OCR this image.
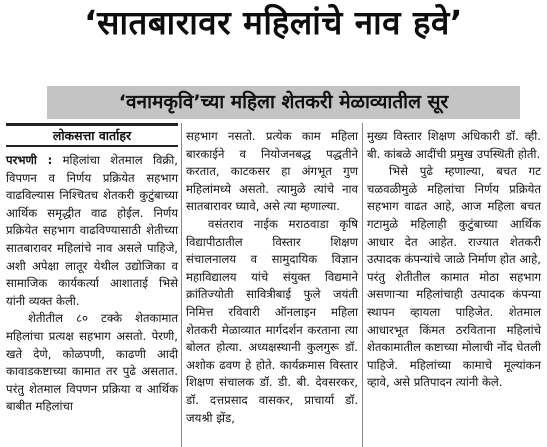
‘सातबारावर महिलांचे नाव हवे’
‘वनामकृवि’च्या महिला शेतकरी मेळाव्यातील सूर
लोकसत्ता वार्ताहर

परभणी : महिलांचा शेतमाल विक्री, विपणन व निर्णय प्रक्रियेत सहभाग वाढविल्यास निश्चितच शेतकरी कुटुंबाच्या आर्थिक समृद्धीत वाढ होईल. निर्णय प्रक्रियेत सहभाग वाढविण्यासाठी शेतीच्या सातबारावर महिलांचे नाव असले पाहिजे, अशी अपेक्षा लातूर येथील उद्योजिका व सामाजिक कार्यकर्त्या आशाताई भिसे यांनी व्यक्त केली.

शेतीतील ८० टक्के शेतकामात महिलांचा प्रत्यक्ष सहभाग असतो. पेरणी, खते देणे, कोळपणी, काढणी आदी कावाडकष्टाच्या कामात तर पुढे असतात. परंतु शेतमाल विपणन प्रक्रिया व आर्थिक बाबीत महिलांचा

सहभाग नसतो. प्रत्येक काम महिला बारकाईने व नियोजनबद्ध पद्धतीने करतात, काटकसर हा अंगभूत गुण महिलांमध्ये असतो. त्यामुळे त्यांचे नाव सातबारावर घ्यावे, असे त्या म्हणाल्या.

वसंतराव नाईक मराठवाडा कृषि विद्यापीठातील विस्तार शिक्षण संचालनालय व सामुदायिक विज्ञान महाविद्यालय यांचे संयुक्त विद्यमाने क्रांतिज्योती सावित्रीबाई फुले जयंती निमित्त रविवारी ऑनलाइन महिला शेतकरी मेळाव्यात मार्गदर्शन करताना त्या बोलत होत्या. अध्यक्षस्थानी कुलगुरू डॉ. अशोक ढवण हे होते. कार्यक्रमास विस्तार शिक्षण संचालक डॉ. डी. बी. देवसरकर, डॉ. दत्तप्रसाद वासकर, प्राचार्या डॉ. जयश्री झेंड,

मुख्य विस्तार शिक्षण अधिकारी डॉ. व्ही. बी. कांबळे आदींची प्रमुख उपस्थिती होती.

भिसे पुढे म्हणाल्या, बचत गट चळवळीमुळे महिलांचा निर्णय प्रक्रियेत सहभाग वाढत आहे, आज महिला बचत गटामुळे महिलाही कुटुंबाच्या आर्थिक आधार देत आहेत. राज्यात शेतकरी उत्पादक कंपन्यांचे जाळे निर्माण होत आहे, परंतु शेतीतील कामात मोठा सहभाग असणाऱ्या महिलांचाही उत्पादक कंपन्या स्थापन व्हायला पाहिजेत. शेतमाल आधारभूत किंमत ठरविताना महिलांचे शेतकामातील कष्टाच्या मोलाची नोंद घेतली पाहिजे. महिलांच्या कामाचे मूल्यांकन व्हावे, असे प्रतिपादन त्यांनी केले.
